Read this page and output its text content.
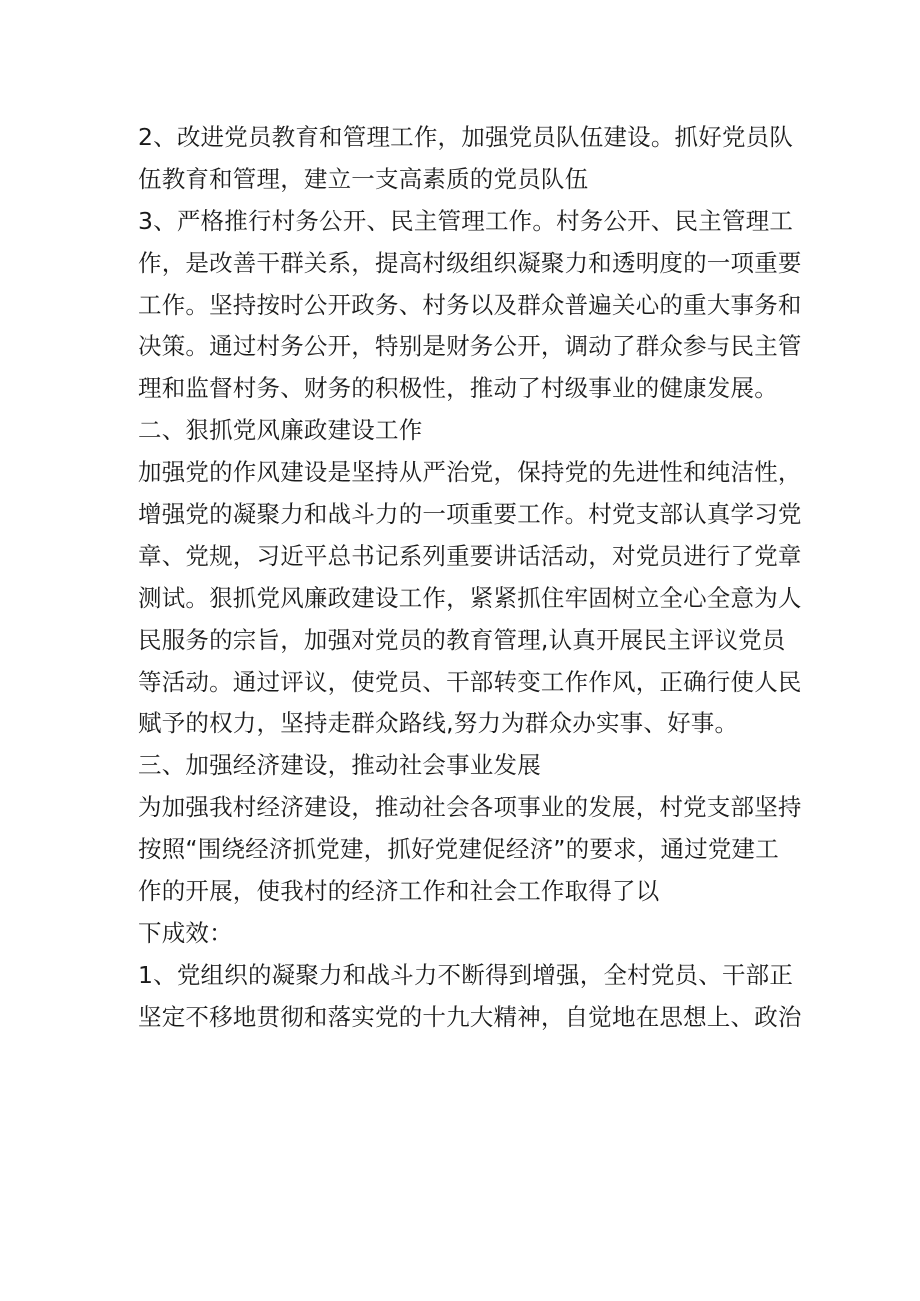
2、改进党员教育和管理工作，加强党员队伍建设。抓好党员队
伍教育和管理，建立一支高素质的党员队伍
3、严格推行村务公开、民主管理工作。村务公开、民主管理工
作，是改善干群关系，提高村级组织凝聚力和透明度的一项重要
工作。坚持按时公开政务、村务以及群众普遍关心的重大事务和
决策。通过村务公开，特别是财务公开，调动了群众参与民主管
理和监督村务、财务的积极性，推动了村级事业的健康发展。
二、狠抓党风廉政建设工作
加强党的作风建设是坚持从严治党，保持党的先进性和纯洁性，
增强党的凝聚力和战斗力的一项重要工作。村党支部认真学习党
章、党规，习近平总书记系列重要讲话活动，对党员进行了党章
测试。狠抓党风廉政建设工作，紧紧抓住牢固树立全心全意为人
民服务的宗旨，加强对党员的教育管理,认真开展民主评议党员
等活动。通过评议，使党员、干部转变工作作风，正确行使人民
赋予的权力，坚持走群众路线,努力为群众办实事、好事。
三、加强经济建设，推动社会事业发展
为加强我村经济建设，推动社会各项事业的发展，村党支部坚持
按照“围绕经济抓党建，抓好党建促经济”的要求，通过党建工
作的开展，使我村的经济工作和社会工作取得了以
下成效：
1、党组织的凝聚力和战斗力不断得到增强，全村党员、干部正
坚定不移地贯彻和落实党的十九大精神，自觉地在思想上、政治
